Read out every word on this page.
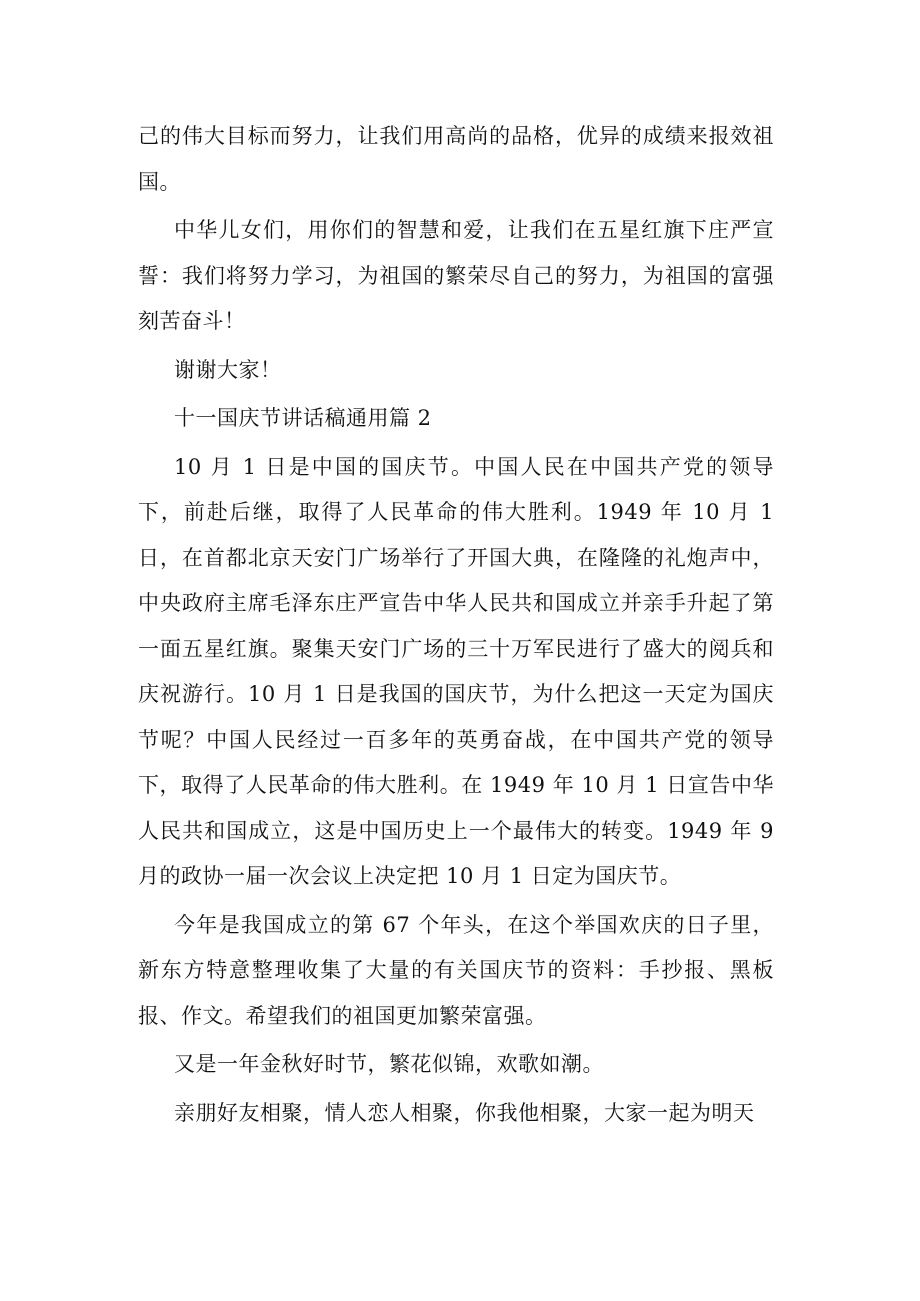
己的伟大目标而努力，让我们用高尚的品格，优异的成绩来报效祖国。

中华儿女们，用你们的智慧和爱，让我们在五星红旗下庄严宣誓：我们将努力学习，为祖国的繁荣尽自己的努力，为祖国的富强刻苦奋斗！

谢谢大家！

十一国庆节讲话稿通用篇 2

10 月 1 日是中国的国庆节。中国人民在中国共产党的领导下，前赴后继，取得了人民革命的伟大胜利。1949 年 10 月 1 日，在首都北京天安门广场举行了开国大典，在隆隆的礼炮声中，中央政府主席毛泽东庄严宣告中华人民共和国成立并亲手升起了第一面五星红旗。聚集天安门广场的三十万军民进行了盛大的阅兵和庆祝游行。10 月 1 日是我国的国庆节，为什么把这一天定为国庆节呢？中国人民经过一百多年的英勇奋战，在中国共产党的领导下，取得了人民革命的伟大胜利。在 1949 年 10 月 1 日宣告中华人民共和国成立，这是中国历史上一个最伟大的转变。1949 年 9 月的政协一届一次会议上决定把 10 月 1 日定为国庆节。

今年是我国成立的第 67 个年头，在这个举国欢庆的日子里，新东方特意整理收集了大量的有关国庆节的资料：手抄报、黑板报、作文。希望我们的祖国更加繁荣富强。

又是一年金秋好时节，繁花似锦，欢歌如潮。

亲朋好友相聚，情人恋人相聚，你我他相聚，大家一起为明天
